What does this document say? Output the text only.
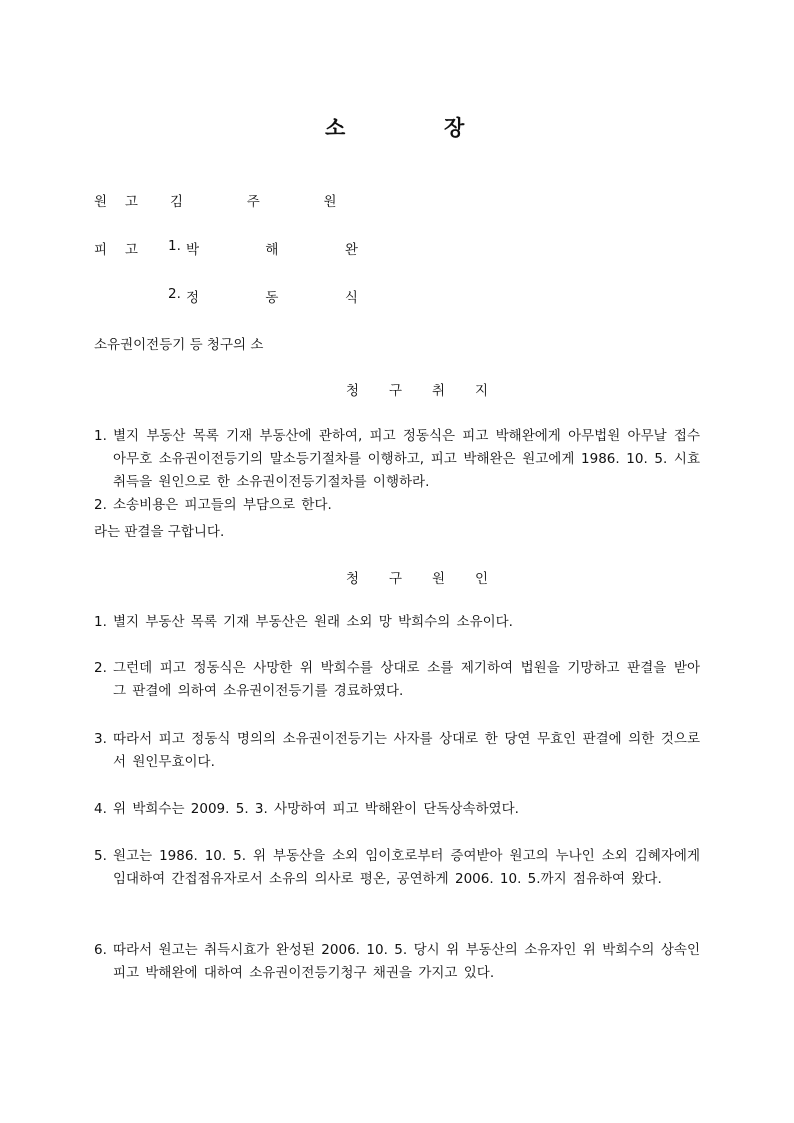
소	장
원 고 김 주 원
피 고 1. 박 해 완
2. 정 동 식
소유권이전등기 등 청구의 소
청 구 취 지
1. 별지 부동산 목록 기재 부동산에 관하여, 피고 정동식은 피고 박해완에게 아무법원 아무날 접수 아무호 소유권이전등기의 말소등기절차를 이행하고, 피고 박해완은 원고에게 1986. 10. 5. 시효취득을 원인으로 한 소유권이전등기절차를 이행하라.
2. 소송비용은 피고들의 부담으로 한다.
라는 판결을 구합니다.
청 구 원 인
1. 별지 부동산 목록 기재 부동산은 원래 소외 망 박희수의 소유이다.
2. 그런데 피고 정동식은 사망한 위 박희수를 상대로 소를 제기하여 법원을 기망하고 판결을 받아 그 판결에 의하여 소유권이전등기를 경료하였다.
3. 따라서 피고 정동식 명의의 소유권이전등기는 사자를 상대로 한 당연 무효인 판결에 의한 것으로서 원인무효이다.
4. 위 박희수는 2009. 5. 3. 사망하여 피고 박해완이 단독상속하였다.
5. 원고는 1986. 10. 5. 위 부동산을 소외 임이호로부터 증여받아 원고의 누나인 소외 김혜자에게 임대하여 간접점유자로서 소유의 의사로 평온, 공연하게 2006. 10. 5.까지 점유하여 왔다.
6. 따라서 원고는 취득시효가 완성된 2006. 10. 5. 당시 위 부동산의 소유자인 위 박희수의 상속인 피고 박해완에 대하여 소유권이전등기청구 채권을 가지고 있다.
